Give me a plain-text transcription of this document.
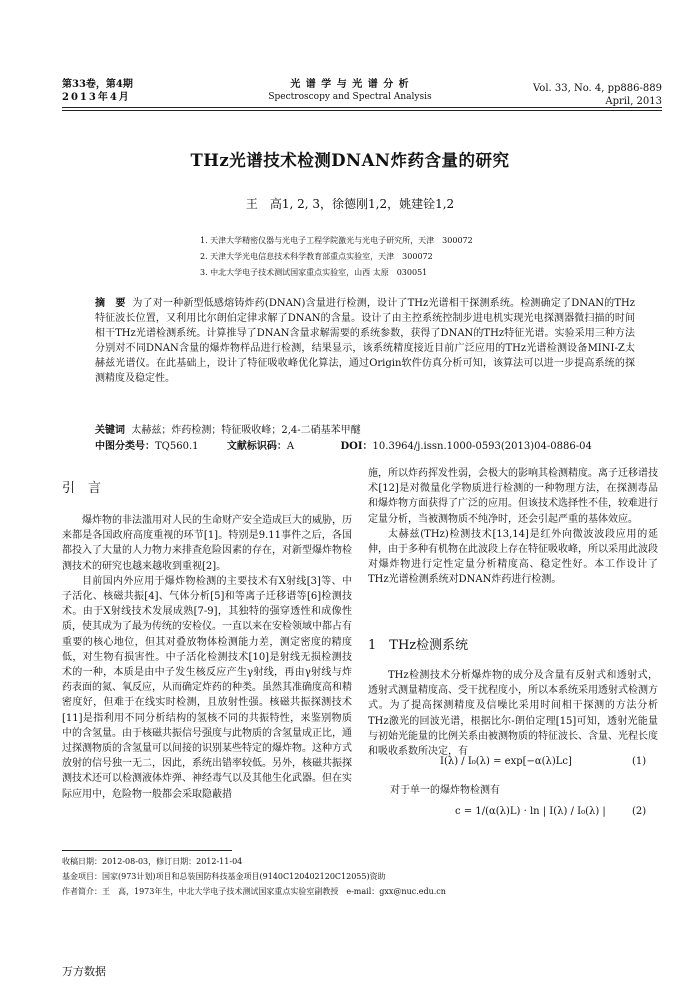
第33卷，第4期
2013年4月
光 谱 学 与 光 谱 分 析
Spectroscopy and Spectral Analysis
Vol. 33, No. 4, pp886-889
April, 2013
THz光谱技术检测DNAN炸药含量的研究
王　高1, 2, 3，徐德刚1,2，姚建铨1,2
1. 天津大学精密仪器与光电子工程学院激光与光电子研究所，天津　300072
2. 天津大学光电信息技术科学教育部重点实验室，天津　300072
3. 中北大学电子技术测试国家重点实验室，山西 太原　030051
摘　要 为了对一种新型低感熔铸炸药(DNAN)含量进行检测，设计了THz光谱相干探测系统。检测确定了DNAN的THz特征波长位置，又利用比尔朗伯定律求解了DNAN的含量。设计了由主控系统控制步进电机实现光电探测器微扫描的时间相干THz光谱检测系统。计算推导了DNAN含量求解需要的系统参数，获得了DNAN的THz特征光谱。实验采用三种方法分别对不同DNAN含量的爆炸物样品进行检测，结果显示，该系统精度接近目前广泛应用的THz光谱检测设备MINI-Z太赫兹光谱仪。在此基础上，设计了特征吸收峰优化算法，通过Origin软件仿真分析可知，该算法可以进一步提高系统的探测精度及稳定性。
关键词 太赫兹；炸药检测；特征吸收峰；2,4-二硝基苯甲醚
中图分类号：TQ560.1	文献标识码：A	DOI：10.3964/j.issn.1000-0593(2013)04-0886-04
引　言

爆炸物的非法滥用对人民的生命财产安全造成巨大的威胁，历来都是各国政府高度重视的环节[1]。特别是9.11事件之后，各国都投入了大量的人力物力来排查危险因素的存在，对新型爆炸物检测技术的研究也越来越收到重视[2]。

目前国内外应用于爆炸物检测的主要技术有X射线[3]等、中子活化、核磁共振[4]、气体分析[5]和等离子迁移谱等[6]检测技术。由于X射线技术发展成熟[7-9]，其独特的强穿透性和成像性质，使其成为了最为传统的安检仪。一直以来在安检领域中都占有重要的核心地位，但其对叠放物体检测能力差，测定密度的精度低，对生物有损害性。中子活化检测技术[10]是射线无损检测技术的一种，本质是由中子发生核反应产生γ射线，再由γ射线与炸药表面的氮、氧反应，从而确定炸药的种类。虽然其准确度高和精密度好，但难于在线实时检测，且放射性强。核磁共振探测技术[11]是指利用不同分析结构的氢核不同的共振特性，来鉴别物质中的含氢量。由于核磁共振信号强度与此物质的含氢量成正比，通过探测物质的含氢量可以间接的识别某些特定的爆炸物。这种方式放射的信号独一无二，因此，系统出错率较低。另外，核磁共振探测技术还可以检测液体炸弹、神经毒气以及其他生化武器。但在实际应用中，危险物一般都会采取隐蔽措

施，所以炸药挥发性弱，会极大的影响其检测精度。离子迁移谱技术[12]是对微量化学物质进行检测的一种物理方法，在探测毒品和爆炸物方面获得了广泛的应用。但该技术选择性不佳，较难进行定量分析，当被测物质不纯净时，还会引起严重的基体效应。

太赫兹(THz)检测技术[13,14]是红外向微波波段应用的延伸，由于多种有机物在此波段上存在特征吸收峰，所以采用此波段对爆炸物进行定性定量分析精度高、稳定性好。本工作设计了THz光谱检测系统对DNAN炸药进行检测。

1　THz检测系统

THz检测技术分析爆炸物的成分及含量有反射式和透射式，透射式测量精度高、受干扰程度小，所以本系统采用透射式检测方式。为了提高探测精度及信噪比采用时间相干探测的方法分析THz激光的回波光谱，根据比尔-朗伯定理[15]可知，透射光能量与初始光能量的比例关系由被测物质的特征波长、含量、光程长度和吸收系数所决定，有

I(λ) / I₀(λ) = exp[−α(λ)Lc]	(1)
对于单一的爆炸物检测有
c = 1/(α(λ)L) · ln | I(λ) / I₀(λ) |	(2)
收稿日期：2012-08-03，修订日期：2012-11-04
基金项目：国家(973计划)项目和总装国防科技基金项目(9140C120402120C12055)资助
作者简介：王　高，1973年生，中北大学电子技术测试国家重点实验室副教授　e-mail：gxx@nuc.edu.cn
万方数据
